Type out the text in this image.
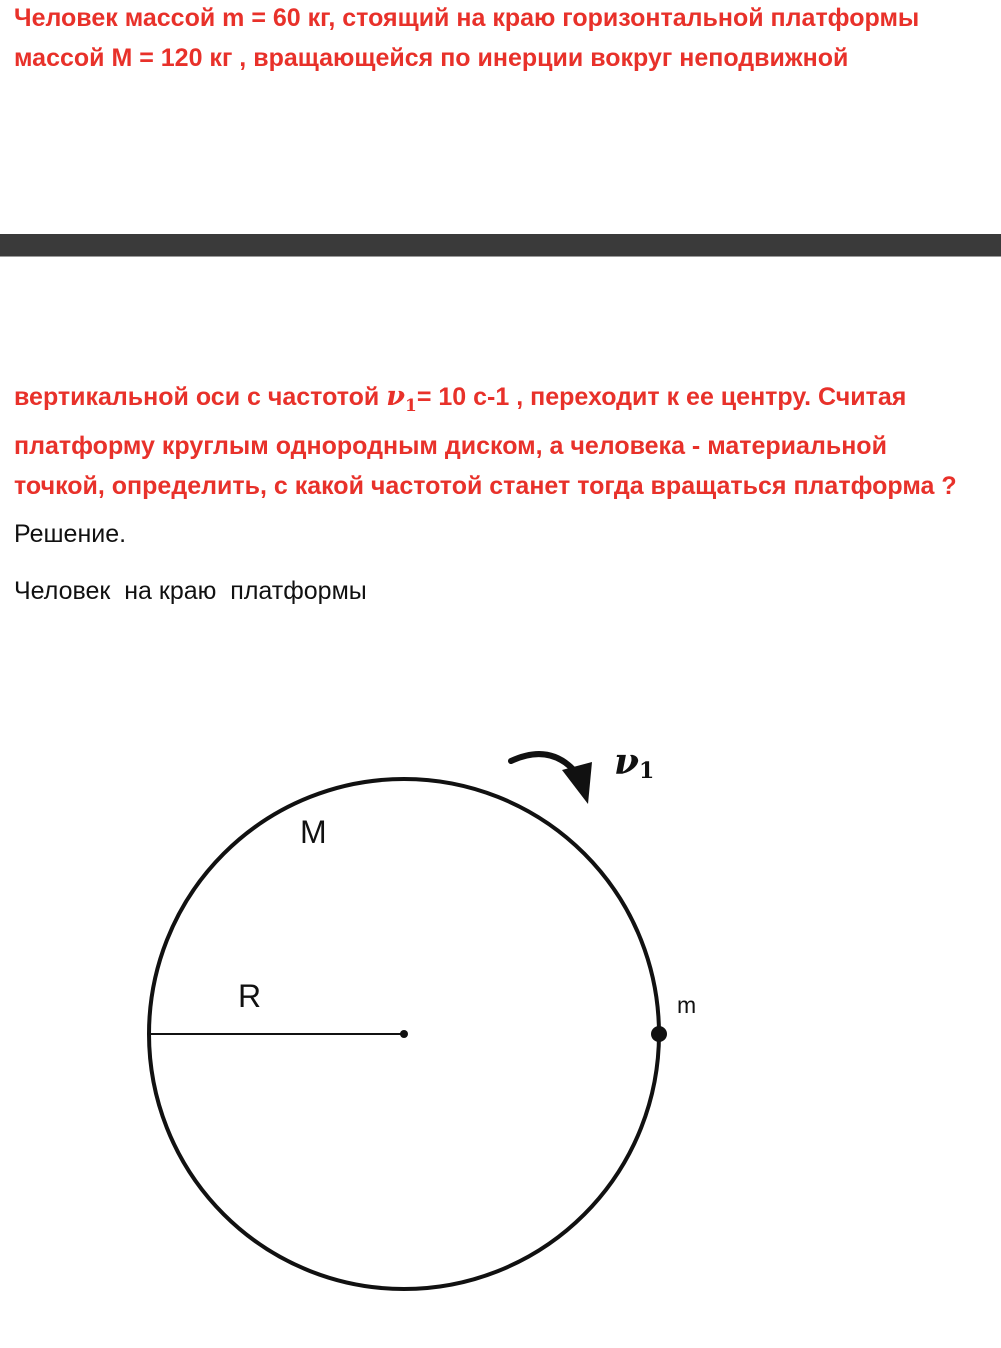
Человек массой m = 60 кг, стоящий на краю горизонтальной платформы
массой M = 120 кг , вращающейся по инерции вокруг неподвижной
вертикальной оси с частотой $\nu_1= 10$ с-1 , переходит к ее центру. Считая
платформу круглым однородным диском, а человека - материальной
точкой, определить, с какой частотой станет тогда вращаться платформа ?
Решение.
Человек  на краю  платформы
M
R	m
ν1
